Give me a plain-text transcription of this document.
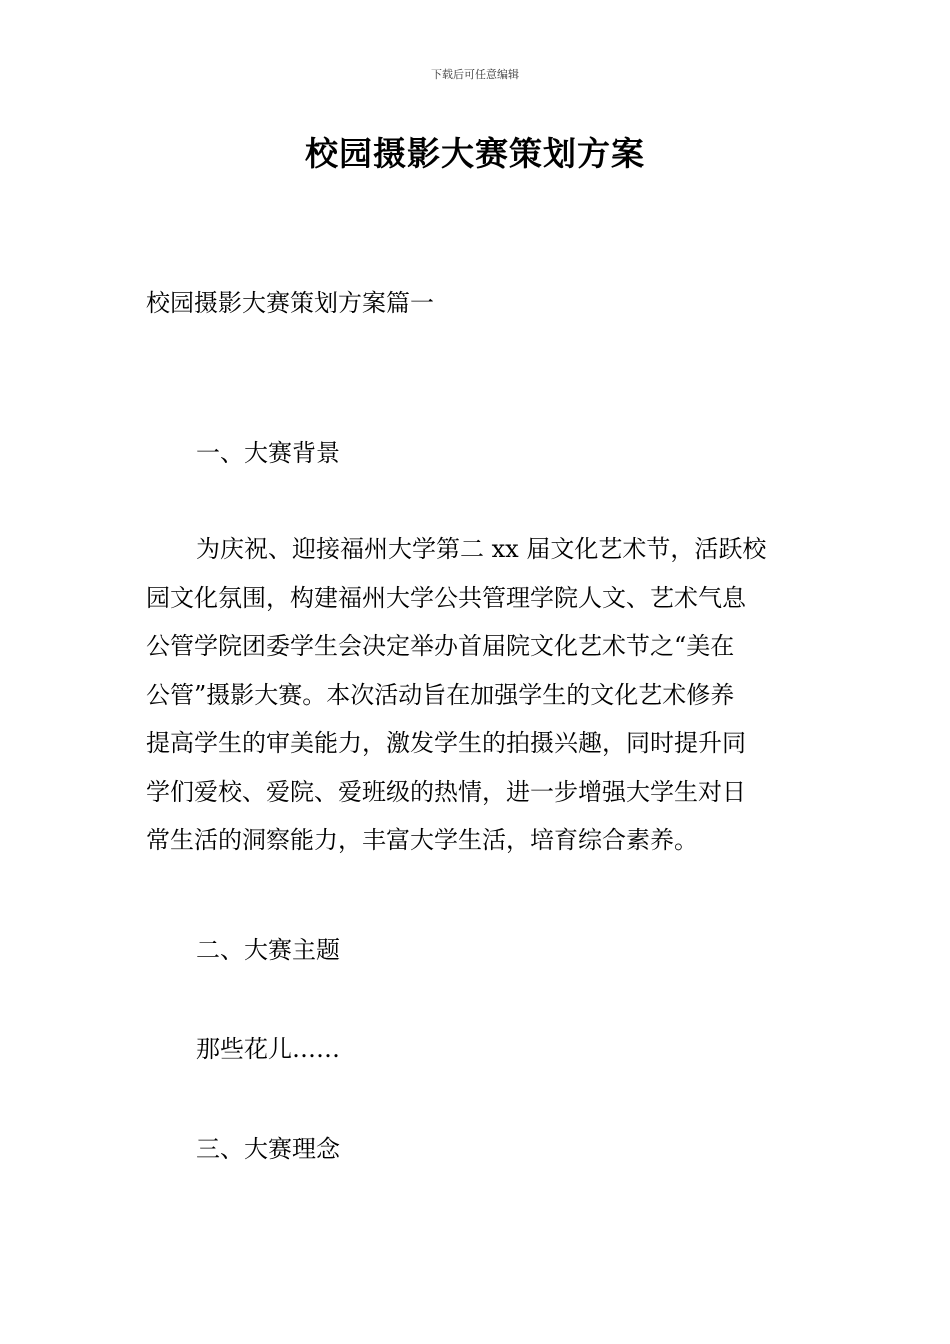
下载后可任意编辑
校园摄影大赛策划方案
校园摄影大赛策划方案篇一
一、大赛背景
为庆祝、迎接福州大学第二 xx 届文化艺术节，活跃校
园文化氛围，构建福州大学公共管理学院人文、艺术气息
公管学院团委学生会决定举办首届院文化艺术节之“美在
公管”摄影大赛。本次活动旨在加强学生的文化艺术修养
提高学生的审美能力，激发学生的拍摄兴趣，同时提升同
学们爱校、爱院、爱班级的热情，进一步增强大学生对日
常生活的洞察能力，丰富大学生活，培育综合素养。
二、大赛主题
那些花儿……
三、大赛理念
